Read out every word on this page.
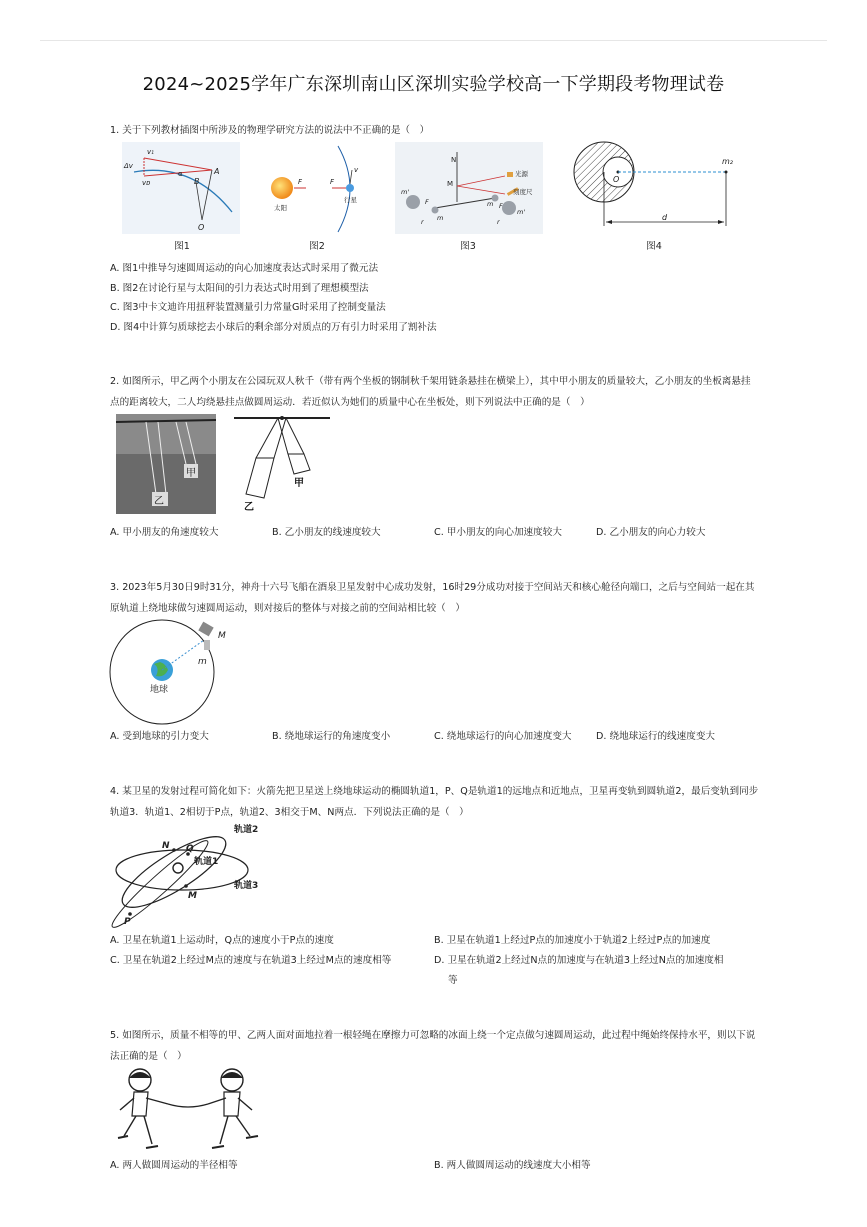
2024~2025学年广东深圳南山区深圳实验学校高一下学期段考物理试卷
1. 关于下列教材插图中所涉及的物理学研究方法的说法中不正确的是（　）
v₁
Δv
vᴅ
A
B
α
O
图1
太阳
F	F
v
行星
图2
N
M
光源
刻度尺
m'
m
F
r	r
F
m
m'
图3
O
m₂
d
图4
A. 图1中推导匀速圆周运动的向心加速度表达式时采用了微元法
B. 图2在讨论行星与太阳间的引力表达式时用到了理想模型法
C. 图3中卡文迪许用扭秤装置测量引力常量G时采用了控制变量法
D. 图4中计算匀质球挖去小球后的剩余部分对质点的万有引力时采用了割补法
2. 如图所示，甲乙两个小朋友在公园玩双人秋千（带有两个坐板的钢制秋千架用链条悬挂在横梁上），其中甲小朋友的质量较大，乙小朋友的坐板离悬挂点的距离较大，二人均绕悬挂点做圆周运动．若近似认为她们的质量中心在坐板处，则下列说法中正确的是（　）
甲
乙
甲
乙
A. 甲小朋友的角速度较大	B. 乙小朋友的线速度较大	C. 甲小朋友的向心加速度较大	D. 乙小朋友的向心力较大
3. 2023年5月30日9时31分，神舟十六号飞船在酒泉卫星发射中心成功发射，16时29分成功对接于空间站天和核心舱径向端口，之后与空间站一起在其原轨道上绕地球做匀速圆周运动，则对接后的整体与对接之前的空间站相比较（　）
M
m
地球
A. 受到地球的引力变大	B. 绕地球运行的角速度变小	C. 绕地球运行的向心加速度变大	D. 绕地球运行的线速度变大
4. 某卫星的发射过程可简化如下：火箭先把卫星送上绕地球运动的椭圆轨道1，P、Q是轨道1的远地点和近地点，卫星再变轨到圆轨道2，最后变轨到同步轨道3．轨道1、2相切于P点，轨道2、3相交于M、N两点．下列说法正确的是（　）
轨道2
N Q
轨道1
M
轨道3
P
A. 卫星在轨道1上运动时，Q点的速度小于P点的速度	B. 卫星在轨道1上经过P点的加速度小于轨道2上经过P点的加速度
C. 卫星在轨道2上经过M点的速度与在轨道3上经过M点的速度相等	D. 卫星在轨道2上经过N点的加速度与在轨道3上经过N点的加速度相
等
5. 如图所示，质量不相等的甲、乙两人面对面地拉着一根轻绳在摩擦力可忽略的冰面上绕一个定点做匀速圆周运动，此过程中绳始终保持水平，则以下说法正确的是（　）
A. 两人做圆周运动的半径相等	B. 两人做圆周运动的线速度大小相等
